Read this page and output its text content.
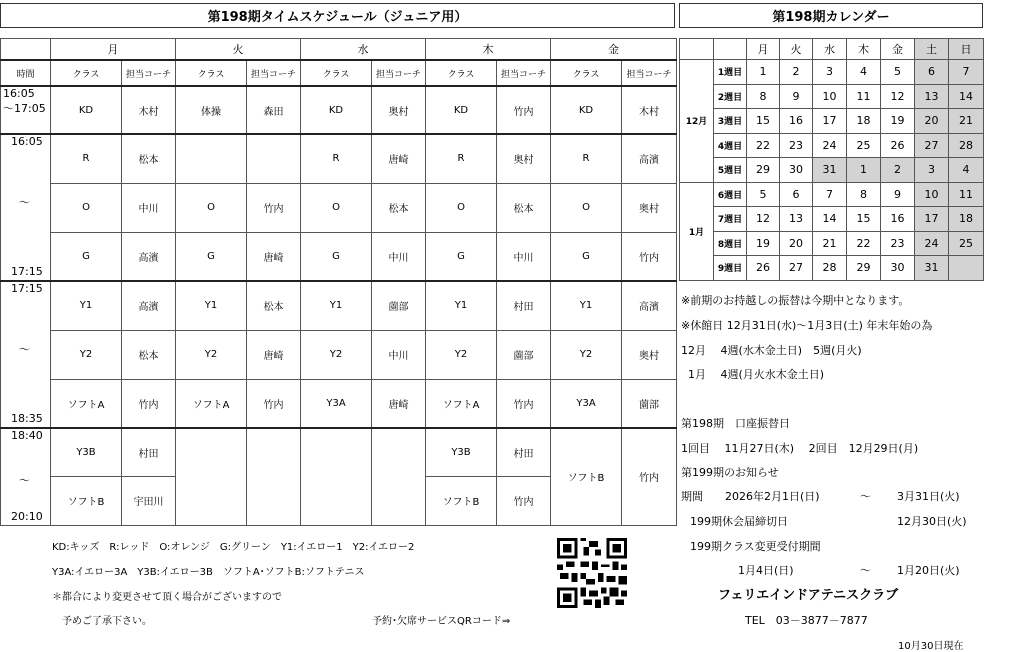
第198期タイムスケジュール（ジュニア用）
	月		火		水		木		金	
時間	クラス	担当コーチ	クラス	担当コーチ	クラス	担当コーチ	クラス	担当コーチ	クラス	担当コーチ

16:05
～17:05	KD	木村	体操	森田	KD	奥村	KD	竹内	KD	木村

16:05
～
17:15	R	松本			R	唐崎	R	奥村	R	高濱
	O	中川	O	竹内	O	松本	O	松本	O	奥村
	G	高濱	G	唐崎	G	中川	G	中川	G	竹内

17:15
～
18:35	Y1	高濱	Y1	松本	Y1	薗部	Y1	村田	Y1	高濱
	Y2	松本	Y2	唐崎	Y2	中川	Y2	薗部	Y2	奥村
	ソフトA	竹内	ソフトA	竹内	Y3A	唐崎	ソフトA	竹内	Y3A	薗部

18:40
～
20:10	Y3B	村田					Y3B	村田	ソフトB	竹内
	ソフトB	宇田川					ソフトB	竹内		
KD:キッズ　R:レッド　O:オレンジ　G:グリーン　Y1:イエロー1　Y2:イエロー2
Y3A:イエロー3A　Y3B:イエロー3B　ソフトA･ソフトB:ソフトテニス
＊都合により変更させて頂く場合がございますので
予めご了承下さい。	予約･欠席サービスQRコード⇒
第198期カレンダー
		月	火	水	木	金	土	日
12月	1週目	1	2	3	4	5	6	7
	2週目	8	9	10	11	12	13	14
	3週目	15	16	17	18	19	20	21
	4週目	22	23	24	25	26	27	28
	5週目	29	30	31	1	2	3	4
1月	6週目	5	6	7	8	9	10	11
	7週目	12	13	14	15	16	17	18
	8週目	19	20	21	22	23	24	25
	9週目	26	27	28	29	30	31	
※前期のお持越しの振替は今期中となります。
※休館日 12月31日(水)～1月3日(土) 年末年始の為
12月　 4週(水木金土日)　5週(月火)
1月　 4週(月火水木金土日)
第198期　口座振替日
1回目　 11月27日(木)　 2回目　12月29日(月)
第199期のお知らせ
期間　　2026年2月1日(日)	～ 3月31日(火)
199期休会届締切日	12月30日(火)
199期クラス変更受付期間
1月4日(日)	～ 1月20日(火)
フェリエインドアテニスクラブ
TEL　03－3877－7877
10月30日現在
